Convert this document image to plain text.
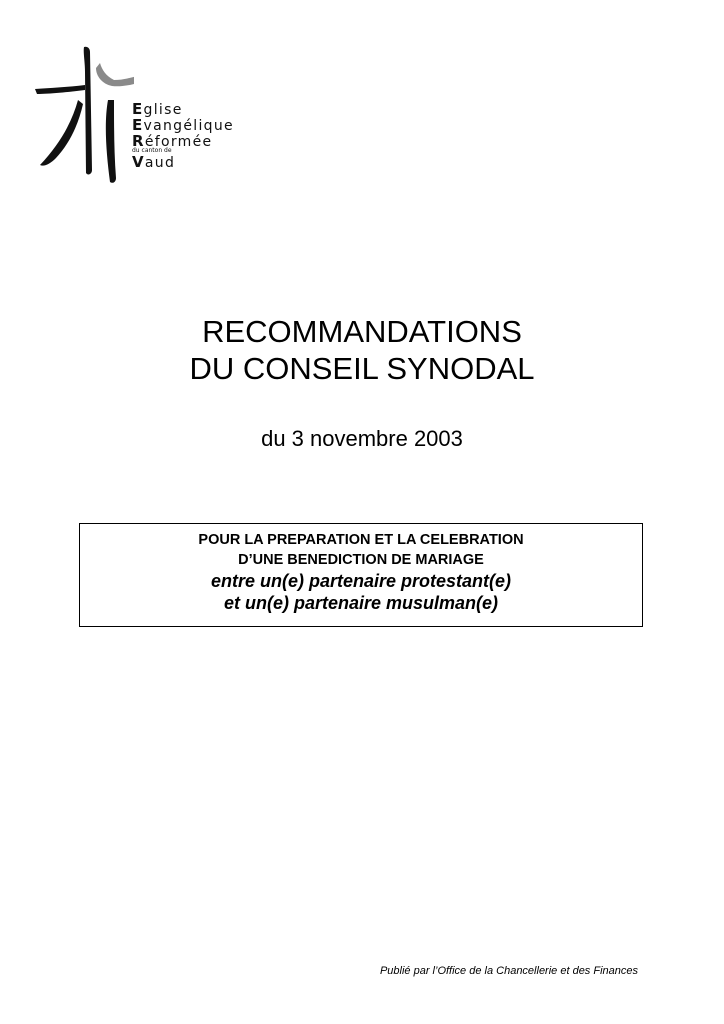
Eglise
Evangélique
Réformée
du canton de
Vaud
RECOMMANDATIONS
DU CONSEIL SYNODAL
du 3 novembre 2003
POUR LA PREPARATION ET LA CELEBRATION
D’UNE BENEDICTION DE MARIAGE
entre un(e) partenaire protestant(e)
et un(e) partenaire musulman(e)
Publié par l’Office de la Chancellerie et des Finances
